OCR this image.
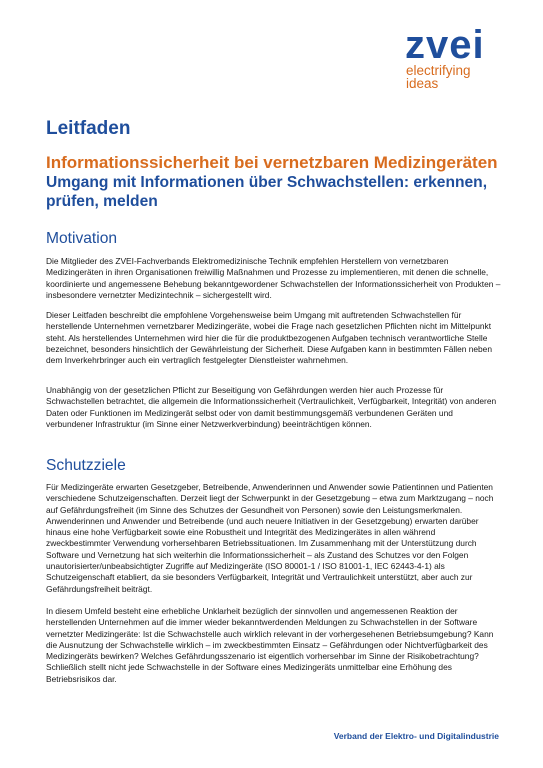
zvei
electrifying
ideas
Leitfaden
Informationssicherheit bei vernetzbaren Medizingeräten
Umgang mit Informationen über Schwachstellen: erkennen, prüfen, melden
Motivation

Die Mitglieder des ZVEI-Fachverbands Elektromedizinische Technik empfehlen Herstellern von vernetzbaren Medizingeräten in ihren Organisationen freiwillig Maßnahmen und Prozesse zu implementieren, mit denen die schnelle, koordinierte und angemessene Behebung bekanntgewordener Schwachstellen der Informationssicherheit von Produkten – insbesondere vernetzter Medizintechnik – sichergestellt wird.

Dieser Leitfaden beschreibt die empfohlene Vorgehensweise beim Umgang mit auftretenden Schwachstellen für herstellende Unternehmen vernetzbarer Medizingeräte, wobei die Frage nach gesetzlichen Pflichten nicht im Mittelpunkt steht. Als herstellendes Unternehmen wird hier die für die produktbezogenen Aufgaben technisch verantwortliche Stelle bezeichnet, besonders hinsichtlich der Gewährleistung der Sicherheit. Diese Aufgaben kann in bestimmten Fällen neben dem Inverkehrbringer auch ein vertraglich festgelegter Dienstleister wahrnehmen.

Unabhängig von der gesetzlichen Pflicht zur Beseitigung von Gefährdungen werden hier auch Prozesse für Schwachstellen betrachtet, die allgemein die Informationssicherheit (Vertraulichkeit, Verfügbarkeit, Integrität) von anderen Daten oder Funktionen im Medizingerät selbst oder von damit bestimmungsgemäß verbundenen Geräten und verbundener Infrastruktur (im Sinne einer Netzwerkverbindung) beeinträchtigen können.

Schutzziele

Für Medizingeräte erwarten Gesetzgeber, Betreibende, Anwenderinnen und Anwender sowie Patientinnen und Patienten verschiedene Schutzeigenschaften. Derzeit liegt der Schwerpunkt in der Gesetzgebung – etwa zum Marktzugang – noch auf Gefährdungsfreiheit (im Sinne des Schutzes der Gesundheit von Personen) sowie den Leistungsmerkmalen. Anwenderinnen und Anwender und Betreibende (und auch neuere Initiativen in der Gesetzgebung) erwarten darüber hinaus eine hohe Verfügbarkeit sowie eine Robustheit und Integrität des Medizingerätes in allen während zweckbestimmter Verwendung vorhersehbaren Betriebssituationen. Im Zusammenhang mit der Unterstützung durch Software und Vernetzung hat sich weiterhin die Informationssicherheit – als Zustand des Schutzes vor den Folgen unautorisierter/unbeabsichtigter Zugriffe auf Medizingeräte (ISO 80001-1 / ISO 81001-1, IEC 62443-4-1) als Schutzeigenschaft etabliert, da sie besonders Verfügbarkeit, Integrität und Vertraulichkeit unterstützt, aber auch zur Gefährdungsfreiheit beiträgt.

In diesem Umfeld besteht eine erhebliche Unklarheit bezüglich der sinnvollen und angemessenen Reaktion der herstellenden Unternehmen auf die immer wieder bekanntwerdenden Meldungen zu Schwachstellen in der Software vernetzter Medizingeräte: Ist die Schwachstelle auch wirklich relevant in der vorhergesehenen Betriebsumgebung? Kann die Ausnutzung der Schwachstelle wirklich – im zweckbestimmten Einsatz – Gefährdungen oder Nichtverfügbarkeit des Medizingeräts bewirken? Welches Gefährdungsszenario ist eigentlich vorhersehbar im Sinne der Risikobetrachtung? Schließlich stellt nicht jede Schwachstelle in der Software eines Medizingeräts unmittelbar eine Erhöhung des Betriebsrisikos dar.

Verband der Elektro- und Digitalindustrie
